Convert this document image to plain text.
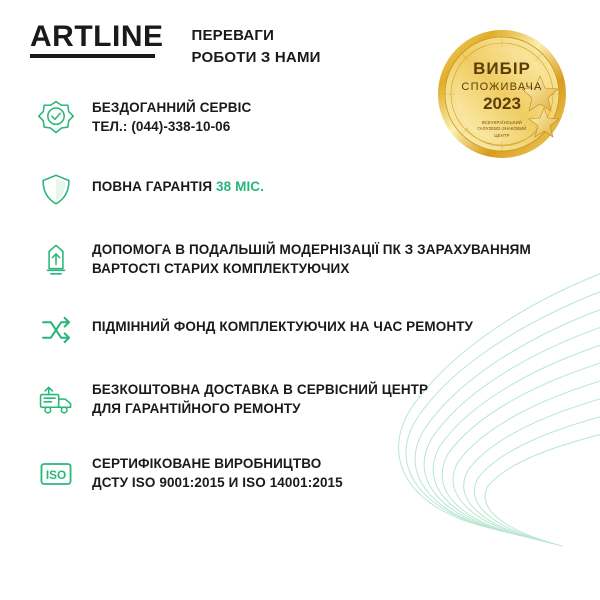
ARTLINE ПЕРЕВАГИ
РОБОТИ З НАМИ
ВИБІР
СПОЖИВАЧА
2023
ВСЕУКРАЇНСЬКИЙ
ГАЛУЗЕВО-ЗНАКОВИЙ
ЦЕНТР
БЕЗДОГАННИЙ СЕРВІС
ТЕЛ.: (044)-338-10-06
ПОВНА ГАРАНТІЯ 38 МІС.
ДОПОМОГА В ПОДАЛЬШІЙ МОДЕРНІЗАЦІЇ ПК З ЗАРАХУВАННЯМ
ВАРТОСТІ СТАРИХ КОМПЛЕКТУЮЧИХ
ПІДМІННИЙ ФОНД КОМПЛЕКТУЮЧИХ НА ЧАС РЕМОНТУ
БЕЗКОШТОВНА ДОСТАВКА В СЕРВІСНИЙ ЦЕНТР
ДЛЯ ГАРАНТІЙНОГО РЕМОНТУ
ISO
СЕРТИФІКОВАНЕ ВИРОБНИЦТВО
ДСТУ ISO 9001:2015 И ISO 14001:2015
